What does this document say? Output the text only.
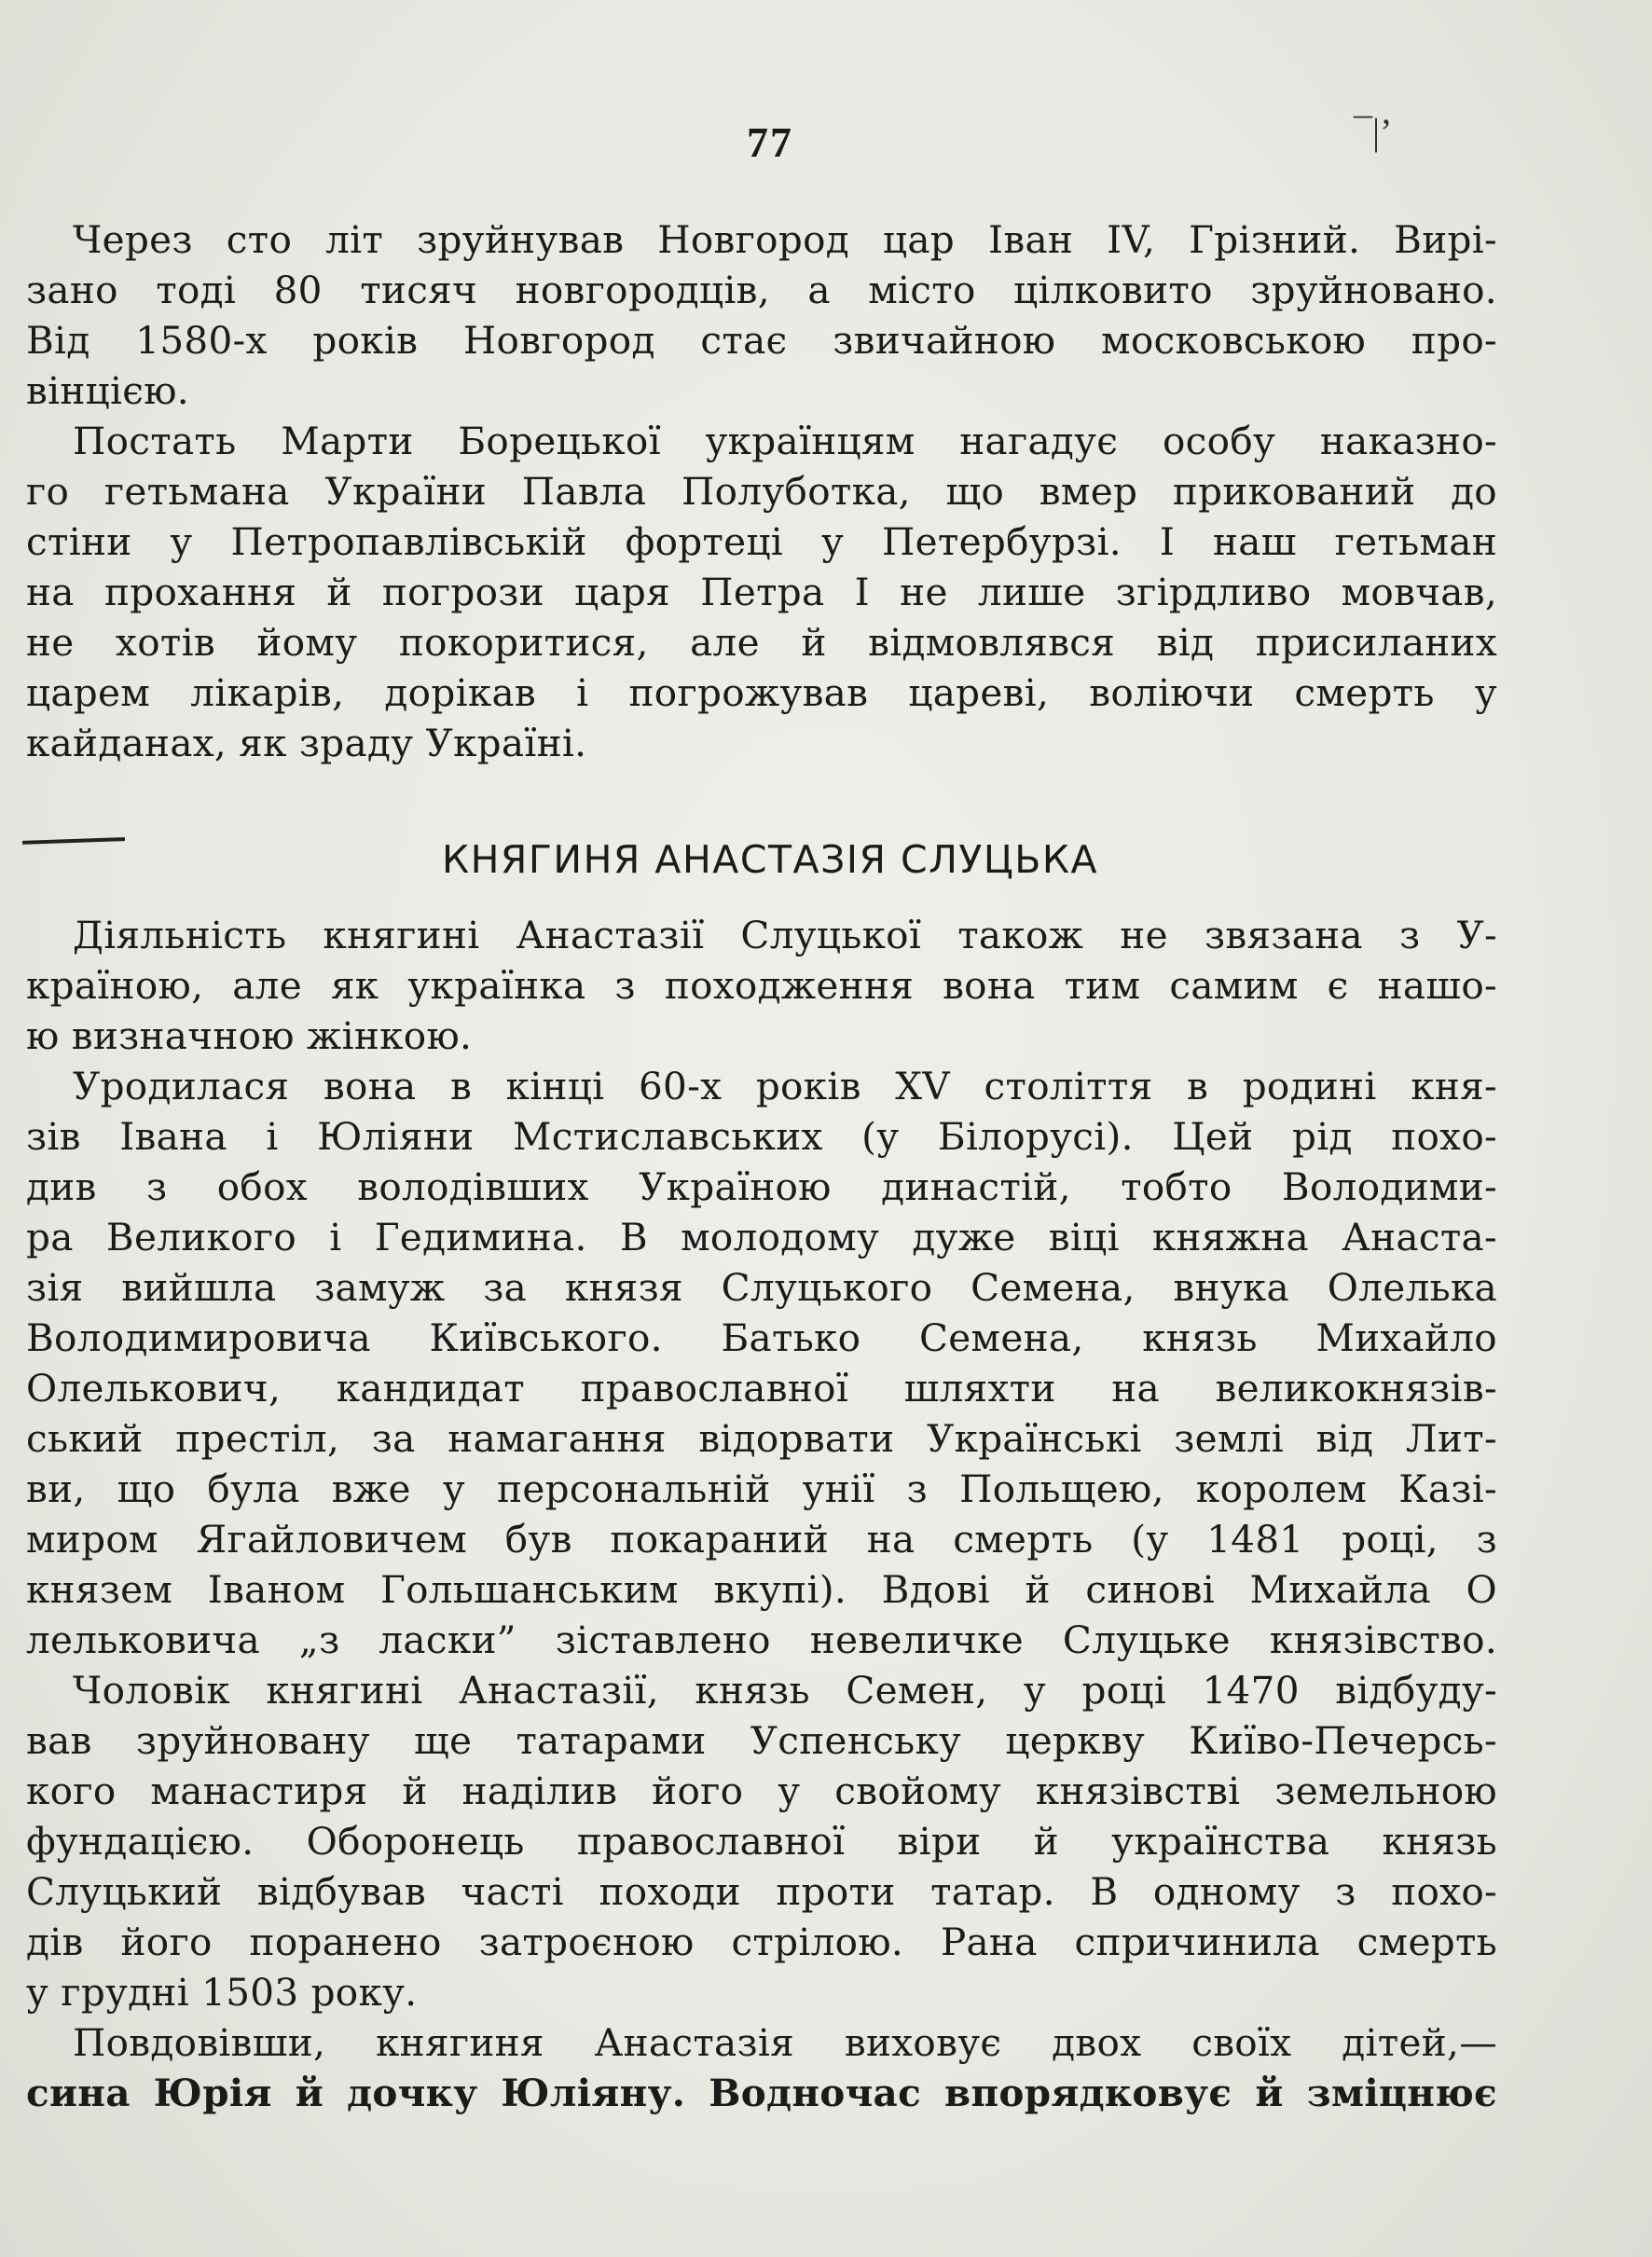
77	¯|’
Через сто літ зруйнував Новгород цар Іван IV, Грізний. Вирі-
зано тоді 80 тисяч новгородців, а місто цілковито зруйновано.
Від 1580-х років Новгород стає звичайною московською про-
вінцією.
Постать Марти Борецької українцям нагадує особу наказно-
го гетьмана України Павла Полуботка, що вмер прикований до
стіни у Петропавлівській фортеці у Петербурзі. І наш гетьман
на прохання й погрози царя Петра І не лише згірдливо мовчав,
не хотів йому покоритися, але й відмовлявся від присиланих
царем лікарів, дорікав і погрожував цареві, воліючи смерть у
кайданах, як зраду Україні.
КНЯГИНЯ АНАСТАЗІЯ СЛУЦЬКА
Діяльність княгині Анастазії Слуцької також не звязана з У-
країною, але як українка з походження вона тим самим є нашо-
ю визначною жінкою.
Уродилася вона в кінці 60-х років XV століття в родині кня-
зів Івана і Юліяни Мстиславських (у Білорусі). Цей рід похо-
див з обох володівших Україною династій, тобто Володими-
ра Великого і Гедимина. В молодому дуже віці княжна Анаста-
зія вийшла замуж за князя Слуцького Семена, внука Олелька
Володимировича Київського. Батько Семена, князь Михайло
Олелькович, кандидат православної шляхти на великокнязів-
ський престіл, за намагання відорвати Українські землі від Лит-
ви, що була вже у персональній унії з Польщею, королем Казі-
миром Ягайловичем був покараний на смерть (у 1481 році, з
князем Іваном Гольшанським вкупі). Вдові й синові Михайла О
лельковича „з ласки” зіставлено невеличке Слуцьке князівство.
Чоловік княгині Анастазії, князь Семен, у році 1470 відбуду-
вав зруйновану ще татарами Успенську церкву Київо-Печерсь-
кого манастиря й наділив його у свойому князівстві земельною
фундацією. Оборонець православної віри й українства князь
Слуцький відбував часті походи проти татар. В одному з похо-
дів його поранено затроєною стрілою. Рана спричинила смерть
у грудні 1503 року.
Повдовівши, княгиня Анастазія виховує двох своїх дітей,—
сина Юрія й дочку Юліяну. Водночас впорядковує й зміцнює
